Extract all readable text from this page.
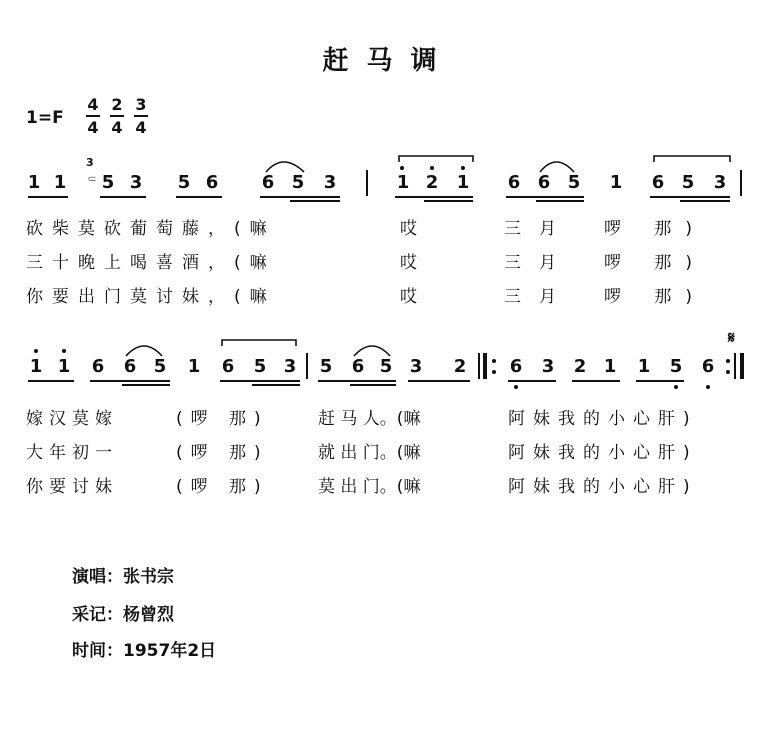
赶马调
1=F
4
4
2
4
3
4
1 1
3
⸦ 5 3 5 6 6 5 3	1 2 1 6 6 5 1 6 5 3
砍柴莫砍葡萄藤，(嘛
三十晚上喝喜酒，(嘛
你要出门莫讨妹，(嘛
哎
哎
哎
三月
三月
三月
啰 那)
啰 那)
啰 那)
1 1 6 6 5 1 6 5 3 5 6 5 3 2 6 3 2 1 1 5 6
𝄋
嫁汉莫嫁
大年初一
你要讨妹
(啰 那)
(啰 那)
(啰 那)
赶 马 人。(嘛
就 出 门。(嘛
莫 出 门。(嘛
阿妹我的小心肝)
阿妹我的小心肝)
阿妹我的小心肝)
演唱：张书宗
采记：杨曾烈
时间：1957年2日
